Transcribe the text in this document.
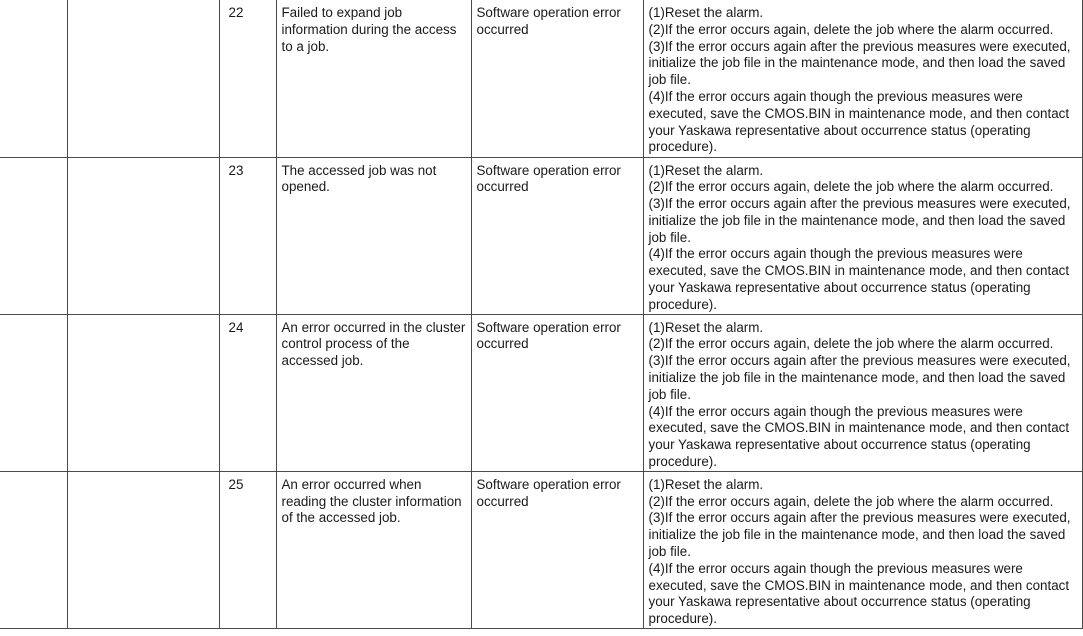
		22	Failed to expand job information during the access to a job.	Software operation error occurred	(1)Reset the alarm.
(2)If the error occurs again, delete the job where the alarm occurred.
(3)If the error occurs again after the previous measures were executed, initialize the job file in the maintenance mode, and then load the saved job file.
(4)If the error occurs again though the previous measures were executed, save the CMOS.BIN in maintenance mode, and then contact your Yaskawa representative about occurrence status (operating procedure).

		23	The accessed job was not opened.	Software operation error occurred	(1)Reset the alarm.
(2)If the error occurs again, delete the job where the alarm occurred.
(3)If the error occurs again after the previous measures were executed, initialize the job file in the maintenance mode, and then load the saved job file.
(4)If the error occurs again though the previous measures were executed, save the CMOS.BIN in maintenance mode, and then contact your Yaskawa representative about occurrence status (operating procedure).

		24	An error occurred in the cluster control process of the accessed job.	Software operation error occurred	(1)Reset the alarm.
(2)If the error occurs again, delete the job where the alarm occurred.
(3)If the error occurs again after the previous measures were executed, initialize the job file in the maintenance mode, and then load the saved job file.
(4)If the error occurs again though the previous measures were executed, save the CMOS.BIN in maintenance mode, and then contact your Yaskawa representative about occurrence status (operating procedure).

		25	An error occurred when reading the cluster information of the accessed job.	Software operation error occurred	(1)Reset the alarm.
(2)If the error occurs again, delete the job where the alarm occurred.
(3)If the error occurs again after the previous measures were executed, initialize the job file in the maintenance mode, and then load the saved job file.
(4)If the error occurs again though the previous measures were executed, save the CMOS.BIN in maintenance mode, and then contact your Yaskawa representative about occurrence status (operating procedure).
